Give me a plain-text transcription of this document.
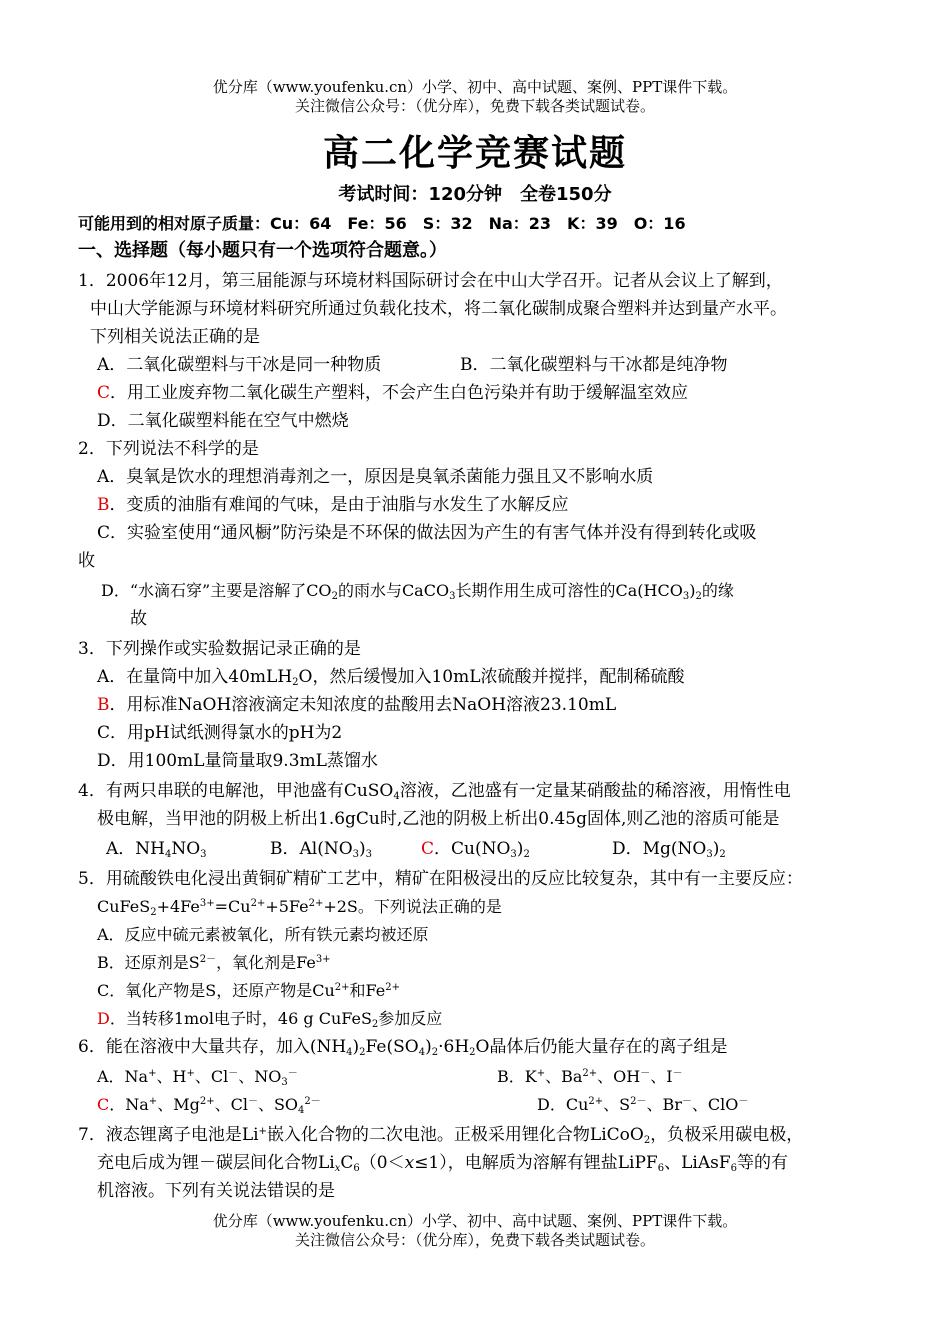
优分库（www.youfenku.cn）小学、初中、高中试题、案例、PPT课件下载。
关注微信公众号：（优分库），免费下载各类试题试卷。
高二化学竞赛试题
考试时间：120分钟　全卷150分
可能用到的相对原子质量：Cu：64　Fe：56　S：32　Na：23　K：39　O：16
一、选择题（每小题只有一个选项符合题意。）
1．2006年12月，第三届能源与环境材料国际研讨会在中山大学召开。记者从会议上了解到，
中山大学能源与环境材料研究所通过负载化技术，将二氧化碳制成聚合塑料并达到量产水平。
下列相关说法正确的是
A．二氧化碳塑料与干冰是同一种物质	B．二氧化碳塑料与干冰都是纯净物
C．用工业废弃物二氧化碳生产塑料，不会产生白色污染并有助于缓解温室效应
D．二氧化碳塑料能在空气中燃烧
2．下列说法不科学的是
A．臭氧是饮水的理想消毒剂之一，原因是臭氧杀菌能力强且又不影响水质
B．变质的油脂有难闻的气味，是由于油脂与水发生了水解反应
C．实验室使用“通风橱”防污染是不环保的做法因为产生的有害气体并没有得到转化或吸
收
D．“水滴石穿”主要是溶解了$CO_2$的雨水与CaCO$_3$长期作用生成可溶性的$Ca(HCO_3)_2$的缘
故
3．下列操作或实验数据记录正确的是
A．在量筒中加入40mLH$_2$O，然后缓慢加入10mL浓硫酸并搅拌，配制稀硫酸
B．用标准NaOH溶液滴定未知浓度的盐酸用去NaOH溶液23.10mL
C．用pH试纸测得氯水的pH为2
D．用100mL量筒量取9.3mL蒸馏水
4．有两只串联的电解池，甲池盛有CuSO$_4$溶液，乙池盛有一定量某硝酸盐的稀溶液，用惰性电
极电解，当甲池的阴极上析出1.6gCu时,乙池的阴极上析出0.45g固体,则乙池的溶质可能是
A．$NH_4NO_3$	B．$Al(NO_3)_3$	C．$Cu(NO_3)_2$	D．$Mg(NO_3)_2$
5．用硫酸铁电化浸出黄铜矿精矿工艺中，精矿在阳极浸出的反应比较复杂，其中有一主要反应：
$CuFeS_2+4Fe^{3+}=Cu^{2+}+5Fe^{2+}+2S$。下列说法正确的是
A．反应中硫元素被氧化，所有铁元素均被还原
B．还原剂是$S^{2-}$，氧化剂是$Fe^{3+}$
C．氧化产物是S，还原产物是$Cu^{2+}$和$Fe^{2+}$
D．当转移1mol电子时，46 g CuFeS$_2$参加反应
6．能在溶液中大量共存，加入$(NH_4)_2Fe(SO_4)_2\cdot 6H_2O$晶体后仍能大量存在的离子组是
A．Na+、H+、Cl－、$NO_3^-$	B．K+、$Ba^{2+}$、OH－、I－
C．Na+、$Mg^{2+}$、Cl－、$SO_4^{2-}$	D．$Cu^{2+}$、$S^{2-}$、Br－、ClO－
7．液态锂离子电池是Li+嵌入化合物的二次电池。正极采用锂化合物LiCoO$_2$，负极采用碳电极，
充电后成为锂－碳层间化合物$Li_xC_6(0<x\le 1)$，电解质为溶解有锂盐LiPF$_6$、LiAsF$_6$等的有
机溶液。下列有关说法错误的是
优分库（www.youfenku.cn）小学、初中、高中试题、案例、PPT课件下载。
关注微信公众号：（优分库），免费下载各类试题试卷。
